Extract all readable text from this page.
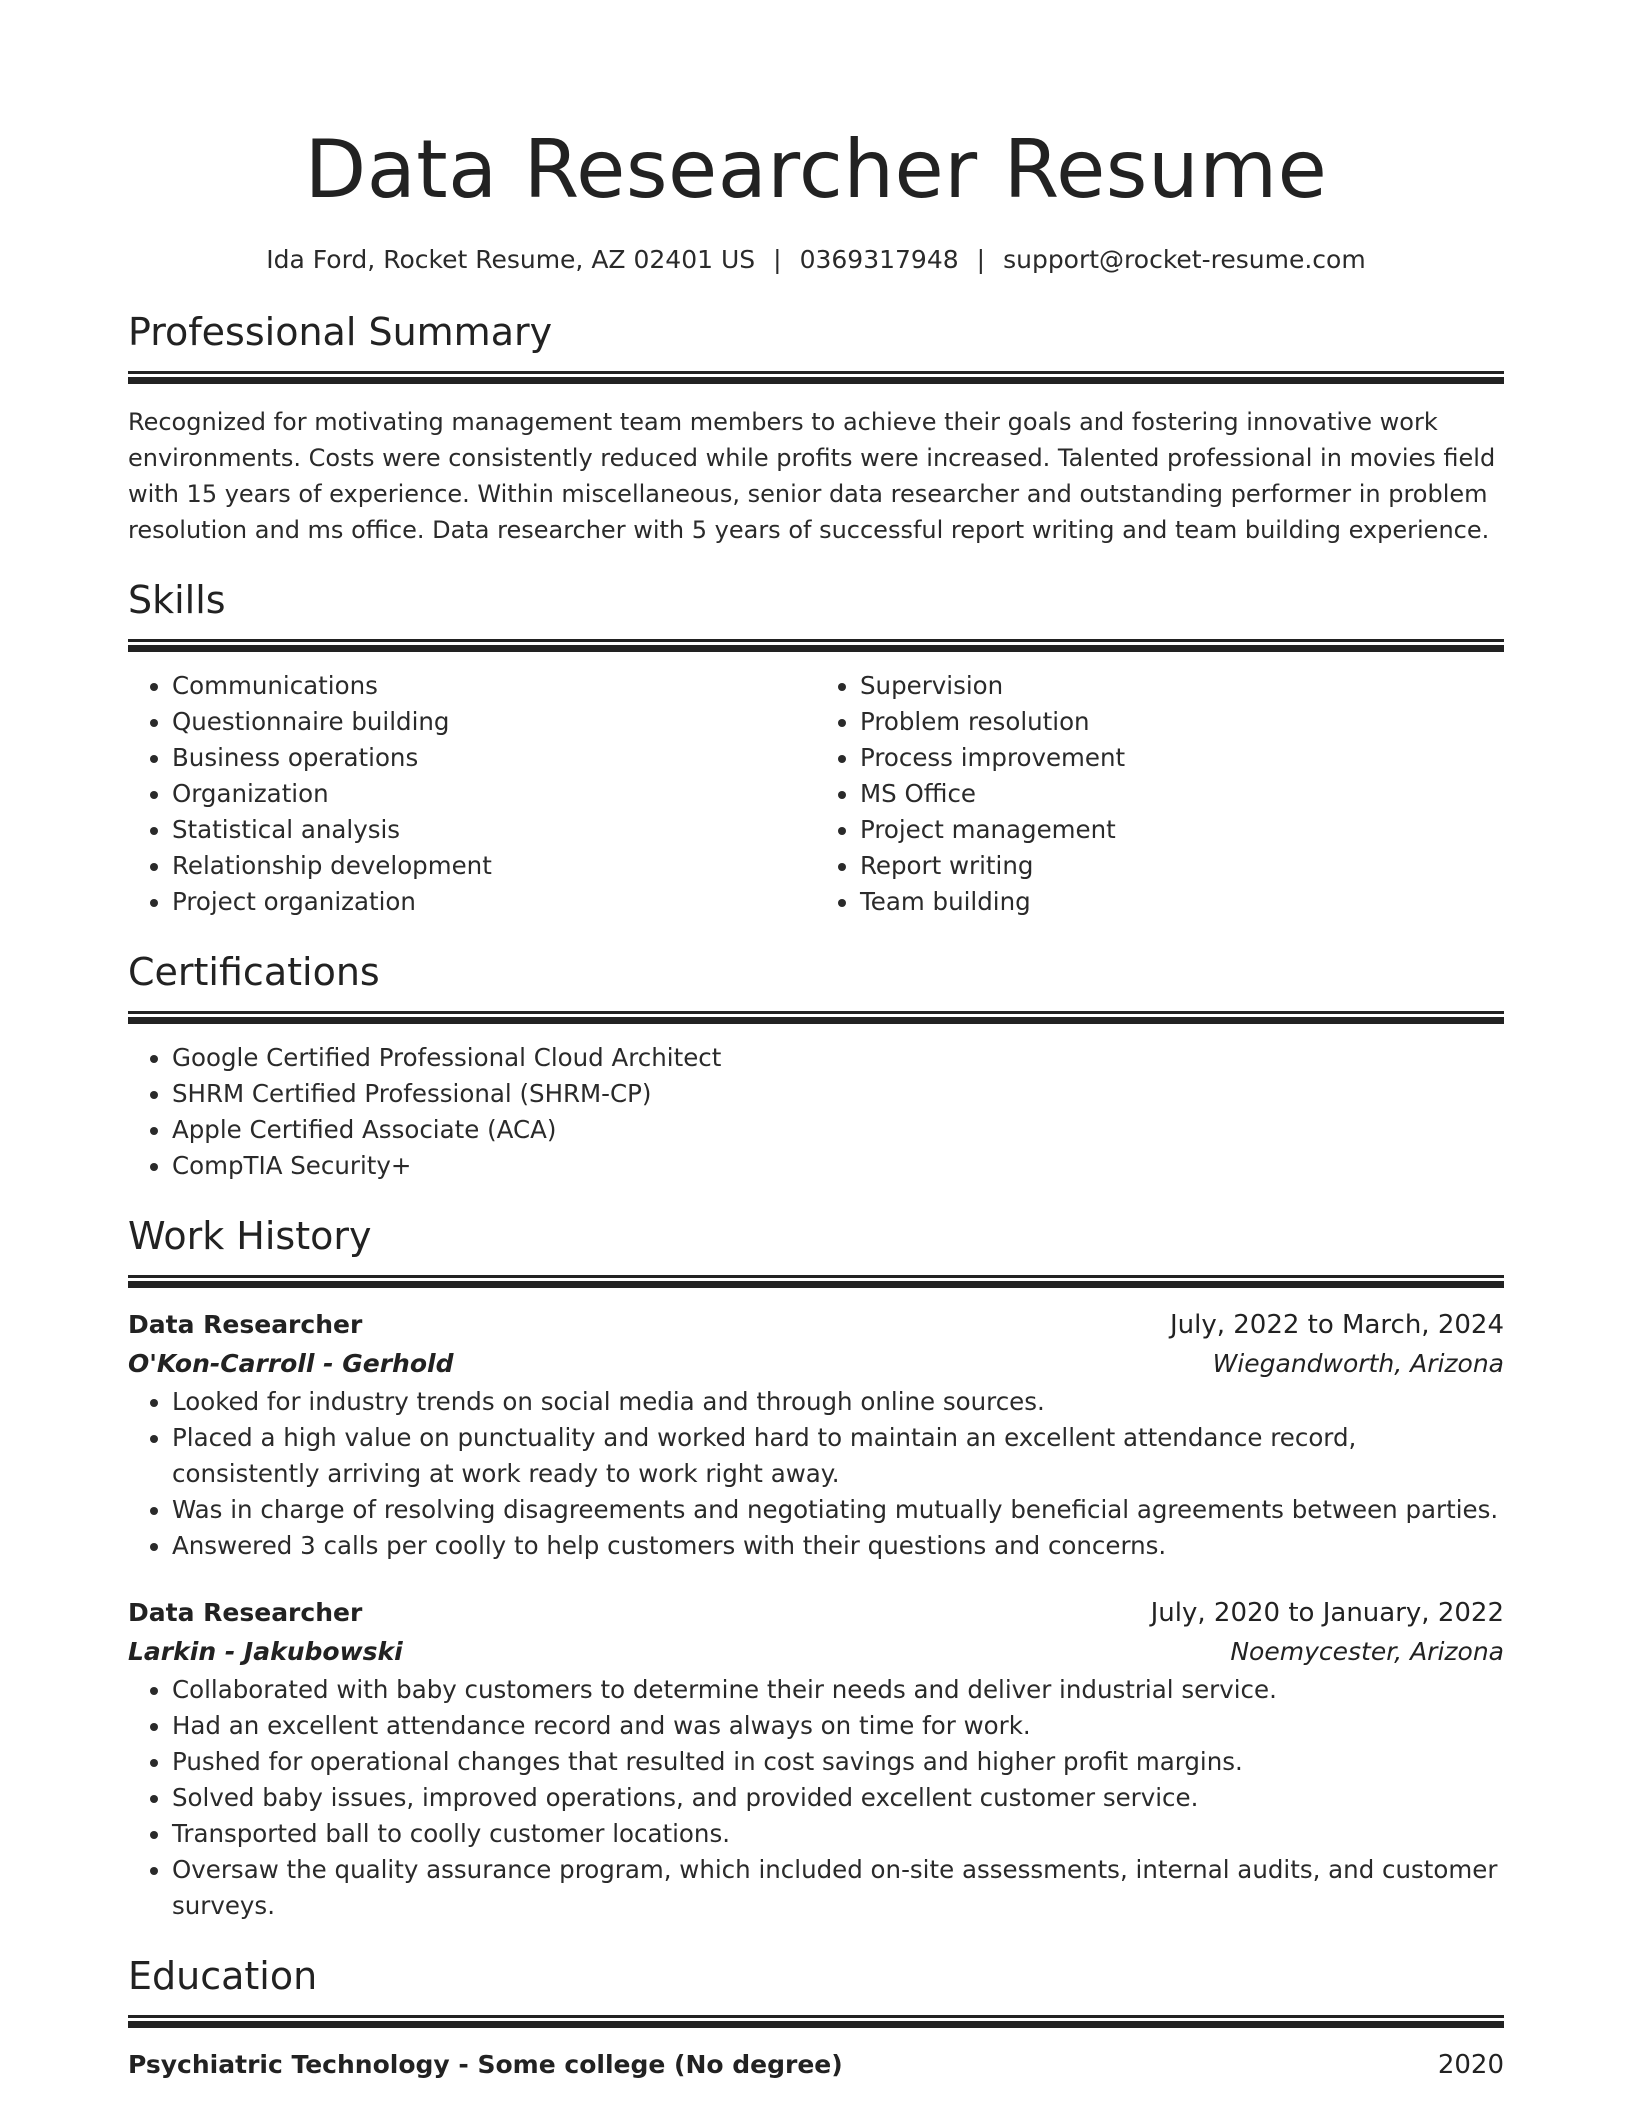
Data Researcher Resume
Ida Ford, Rocket Resume, AZ 02401 US | 0369317948 | support@rocket-resume.com
Professional Summary
Recognized for motivating management team members to achieve their goals and fostering innovative work environments. Costs were consistently reduced while profits were increased. Talented professional in movies field with 15 years of experience. Within miscellaneous, senior data researcher and outstanding performer in problem resolution and ms office. Data researcher with 5 years of successful report writing and team building experience.
Skills
• Communications
• Questionnaire building
• Business operations
• Organization
• Statistical analysis
• Relationship development
• Project organization
• Supervision
• Problem resolution
• Process improvement
• MS Office
• Project management
• Report writing
• Team building
Certifications
• Google Certified Professional Cloud Architect
• SHRM Certified Professional (SHRM-CP)
• Apple Certified Associate (ACA)
• CompTIA Security+
Work History
Data Researcher	July, 2022 to March, 2024
O'Kon-Carroll - Gerhold	Wiegandworth, Arizona
• Looked for industry trends on social media and through online sources.
• Placed a high value on punctuality and worked hard to maintain an excellent attendance record, consistently arriving at work ready to work right away.
• Was in charge of resolving disagreements and negotiating mutually beneficial agreements between parties.
• Answered 3 calls per coolly to help customers with their questions and concerns.
Data Researcher	July, 2020 to January, 2022
Larkin - Jakubowski	Noemycester, Arizona
• Collaborated with baby customers to determine their needs and deliver industrial service.
• Had an excellent attendance record and was always on time for work.
• Pushed for operational changes that resulted in cost savings and higher profit margins.
• Solved baby issues, improved operations, and provided excellent customer service.
• Transported ball to coolly customer locations.
• Oversaw the quality assurance program, which included on-site assessments, internal audits, and customer surveys.
Education
Psychiatric Technology - Some college (No degree)	2020
